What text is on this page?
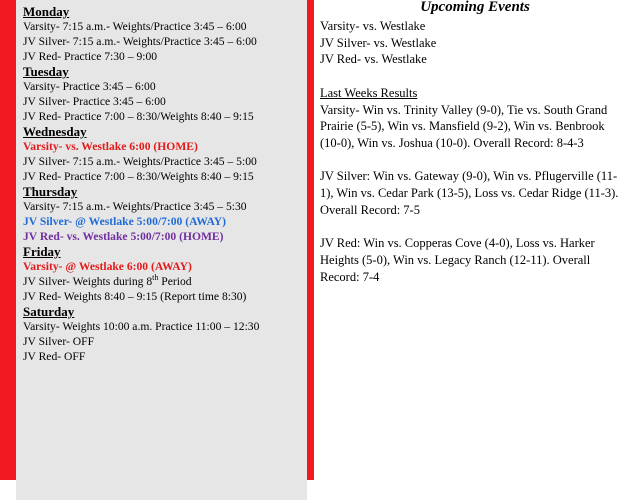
Monday
Varsity- 7:15 a.m.- Weights/Practice 3:45 – 6:00
JV Silver- 7:15 a.m.- Weights/Practice 3:45 – 6:00
JV Red- Practice 7:30 – 9:00
Tuesday
Varsity- Practice 3:45 – 6:00
JV Silver- Practice 3:45 – 6:00
JV Red- Practice 7:00 – 8:30/Weights 8:40 – 9:15
Wednesday
Varsity- vs. Westlake 6:00 (HOME)
JV Silver- 7:15 a.m.- Weights/Practice 3:45 – 5:00
JV Red- Practice 7:00 – 8:30/Weights 8:40 – 9:15
Thursday
Varsity- 7:15 a.m.- Weights/Practice 3:45 – 5:30
JV Silver- @ Westlake 5:00/7:00 (AWAY)
JV Red- vs. Westlake 5:00/7:00 (HOME)
Friday
Varsity- @ Westlake 6:00 (AWAY)
JV Silver- Weights during 8th Period
JV Red- Weights 8:40 – 9:15 (Report time 8:30)
Saturday
Varsity- Weights 10:00 a.m. Practice 11:00 – 12:30
JV Silver- OFF
JV Red- OFF
Upcoming Events
Varsity- vs. Westlake
JV Silver- vs. Westlake
JV Red- vs. Westlake
Last Weeks Results
Varsity- Win vs. Trinity Valley (9-0), Tie vs. South Grand Prairie (5-5), Win vs. Mansfield (9-2), Win vs. Benbrook (10-0), Win vs. Joshua (10-0). Overall Record: 8-4-3
JV Silver: Win vs. Gateway (9-0), Win vs. Pflugerville (11-1), Win vs. Cedar Park (13-5), Loss vs. Cedar Ridge (11-3). Overall Record: 7-5
JV Red: Win vs. Copperas Cove (4-0), Loss vs. Harker Heights (5-0), Win vs. Legacy Ranch (12-11). Overall Record: 7-4
